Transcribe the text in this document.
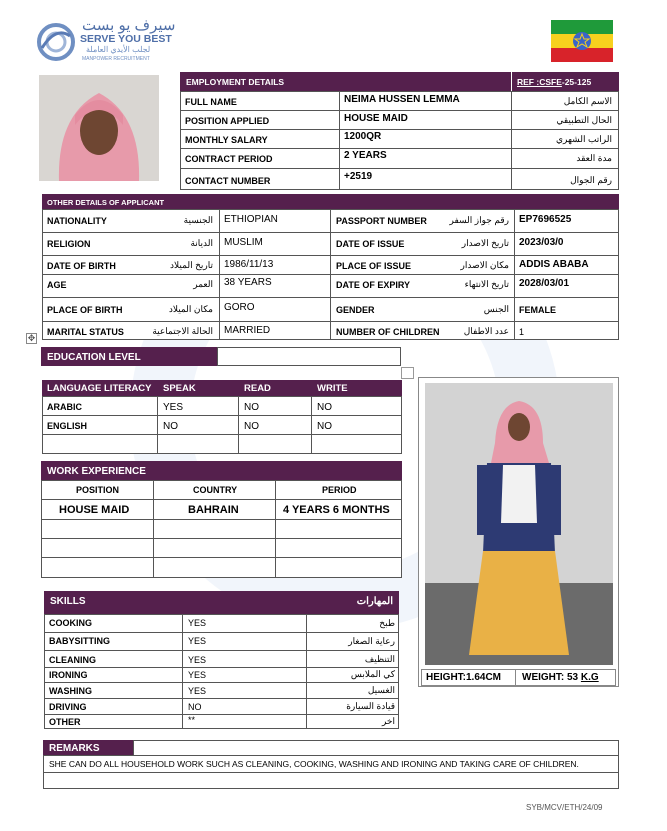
سيرف يو بست
SERVE YOU BEST
لجلب الأيدي العاملة
MANPOWER RECRUITMENT
EMPLOYMENT DETAILS	REF :CSFE-25-125
FULL NAME	NEIMA HUSSEN LEMMA	الاسم الكامل
POSITION APPLIED	HOUSE MAID	الحال التطبيقي
MONTHLY SALARY	1200QR	الراتب الشهري
CONTRACT PERIOD	2 YEARS	مدة العقد
CONTACT NUMBER	+2519	رقم الجوال
OTHER DETAILS OF APPLICANT
NATIONALITY	الجنسية ETHIOPIAN	PASSPORT NUMBER	رقم جواز السفر EP7696525
RELIGION	الديانة MUSLIM	DATE OF ISSUE	تاريخ الاصدار 2023/03/0
DATE OF BIRTH	تاريخ الميلاد 1986/11/13	PLACE OF ISSUE	مكان الاصدار ADDIS ABABA
AGE	العمر 38 YEARS	DATE OF EXPIRY	تاريخ الانتهاء 2028/03/01
PLACE OF BIRTH	مكان الميلاد GORO	GENDER	الجنس FEMALE
MARITAL STATUS	الحالة الاجتماعية MARRIED	NUMBER OF CHILDREN	عدد الاطفال 1
✥
EDUCATION LEVEL
LANGUAGE LITERACY SPEAK	READ	WRITE
ARABIC	YES	NO	NO
ENGLISH	NO	NO	NO
WORK EXPERIENCE
POSITION	COUNTRY	PERIOD
HOUSE MAID	BAHRAIN	4 YEARS 6 MONTHS
HEIGHT:1.64CM WEIGHT: 53 K.G
SKILLS	المهارات
COOKING	YES	طبخ
BABYSITTING	YES	رعاية الصغار
CLEANING	YES	التنظيف
IRONING	YES	كي الملابس
WASHING	YES	الغسيل
DRIVING	NO	قيادة السيارة
OTHER	**	اخر
REMARKS
SHE CAN DO ALL HOUSEHOLD WORK SUCH AS CLEANING, COOKING, WASHING AND IRONING AND TAKING CARE OF CHILDREN.
SYB/MCV/ETH/24/09
